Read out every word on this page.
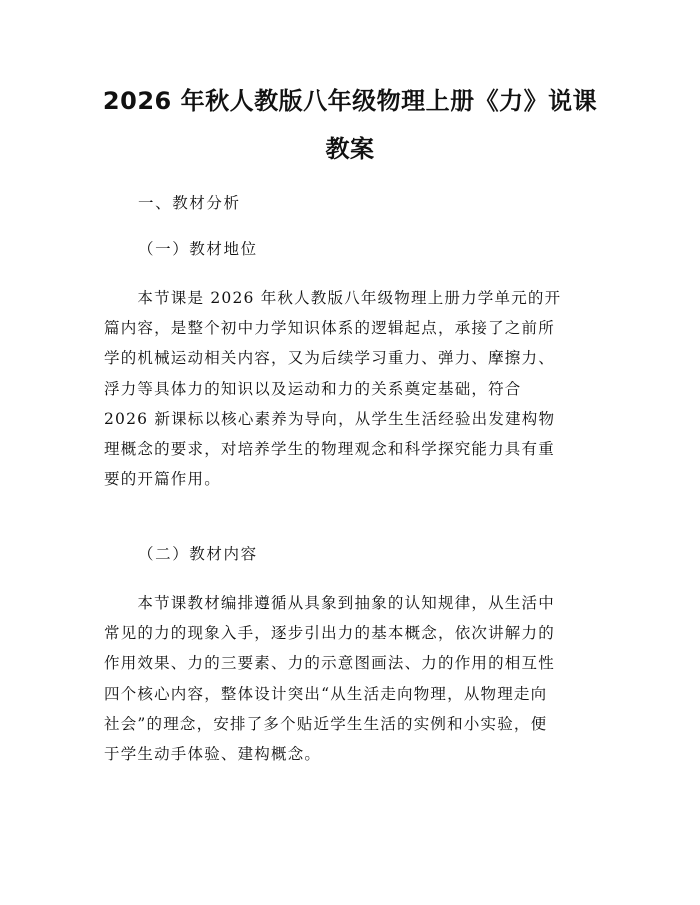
2026 年秋人教版八年级物理上册《力》说课
教案

一、教材分析

（一）教材地位

　　本节课是 2026 年秋人教版八年级物理上册力学单元的开
篇内容，是整个初中力学知识体系的逻辑起点，承接了之前所
学的机械运动相关内容，又为后续学习重力、弹力、摩擦力、
浮力等具体力的知识以及运动和力的关系奠定基础，符合
2026 新课标以核心素养为导向，从学生生活经验出发建构物
理概念的要求，对培养学生的物理观念和科学探究能力具有重
要的开篇作用。

（二）教材内容

　　本节课教材编排遵循从具象到抽象的认知规律，从生活中
常见的力的现象入手，逐步引出力的基本概念，依次讲解力的
作用效果、力的三要素、力的示意图画法、力的作用的相互性
四个核心内容，整体设计突出“从生活走向物理，从物理走向
社会”的理念，安排了多个贴近学生生活的实例和小实验，便
于学生动手体验、建构概念。
